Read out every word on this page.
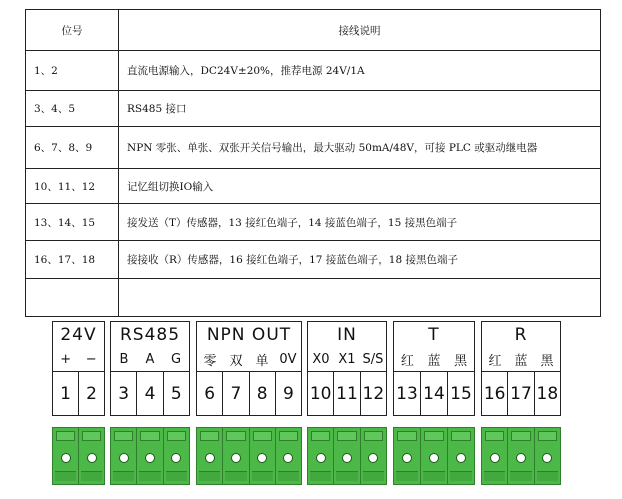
位号	接线说明
1、2	直流电源输入，DC24V±20%，推荐电源 24V/1A
3、4、5	RS485 接口
6、7、8、9	NPN 零张、单张、双张开关信号输出，最大驱动 50mA/48V，可接 PLC 或驱动继电器
10、11、12	记忆组切换IO输入
13、14、15	接发送（T）传感器，13 接红色端子，14 接蓝色端子，15 接黑色端子
16、17、18	接接收（R）传感器，16 接红色端子，17 接蓝色端子，18 接黑色端子

24V
+	−
1 2
RS485
B	A	G
3 4 5
NPN OUT
零 双 单 0V
6 7 8 9
IN
X0 X1 S/S
10 11 12
T
红	蓝	黑
13 14 15
R
红 蓝 黑
16 17 18
